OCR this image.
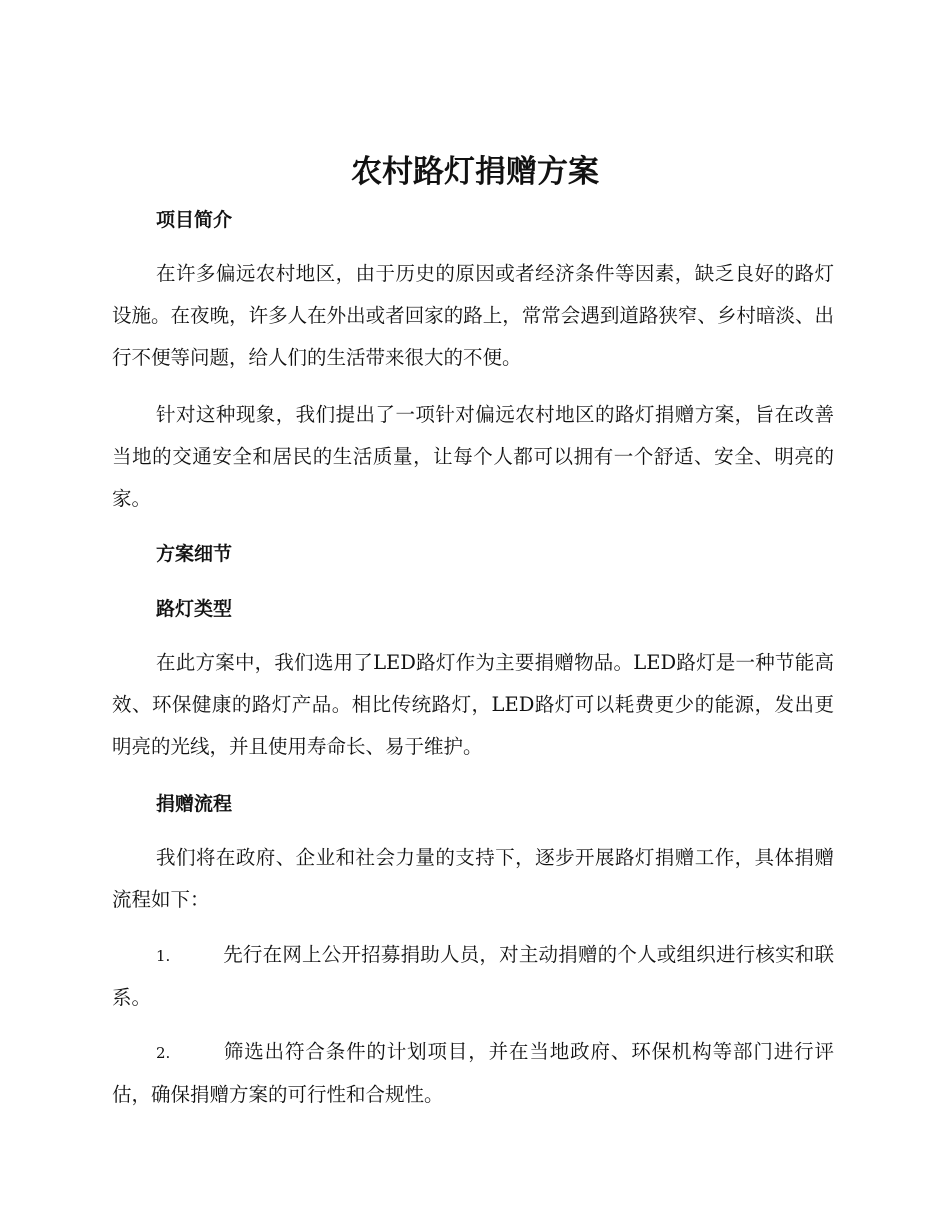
农村路灯捐赠方案
项目简介

在许多偏远农村地区，由于历史的原因或者经济条件等因素，缺乏良好的路灯设施。在夜晚，许多人在外出或者回家的路上，常常会遇到道路狭窄、乡村暗淡、出行不便等问题，给人们的生活带来很大的不便。

针对这种现象，我们提出了一项针对偏远农村地区的路灯捐赠方案，旨在改善当地的交通安全和居民的生活质量，让每个人都可以拥有一个舒适、安全、明亮的家。

方案细节
路灯类型

在此方案中，我们选用了LED路灯作为主要捐赠物品。LED路灯是一种节能高效、环保健康的路灯产品。相比传统路灯，LED路灯可以耗费更少的能源，发出更明亮的光线，并且使用寿命长、易于维护。

捐赠流程

我们将在政府、企业和社会力量的支持下，逐步开展路灯捐赠工作，具体捐赠流程如下：

1.	先行在网上公开招募捐助人员，对主动捐赠的个人或组织进行核实和联系。

2.	筛选出符合条件的计划项目，并在当地政府、环保机构等部门进行评估，确保捐赠方案的可行性和合规性。
